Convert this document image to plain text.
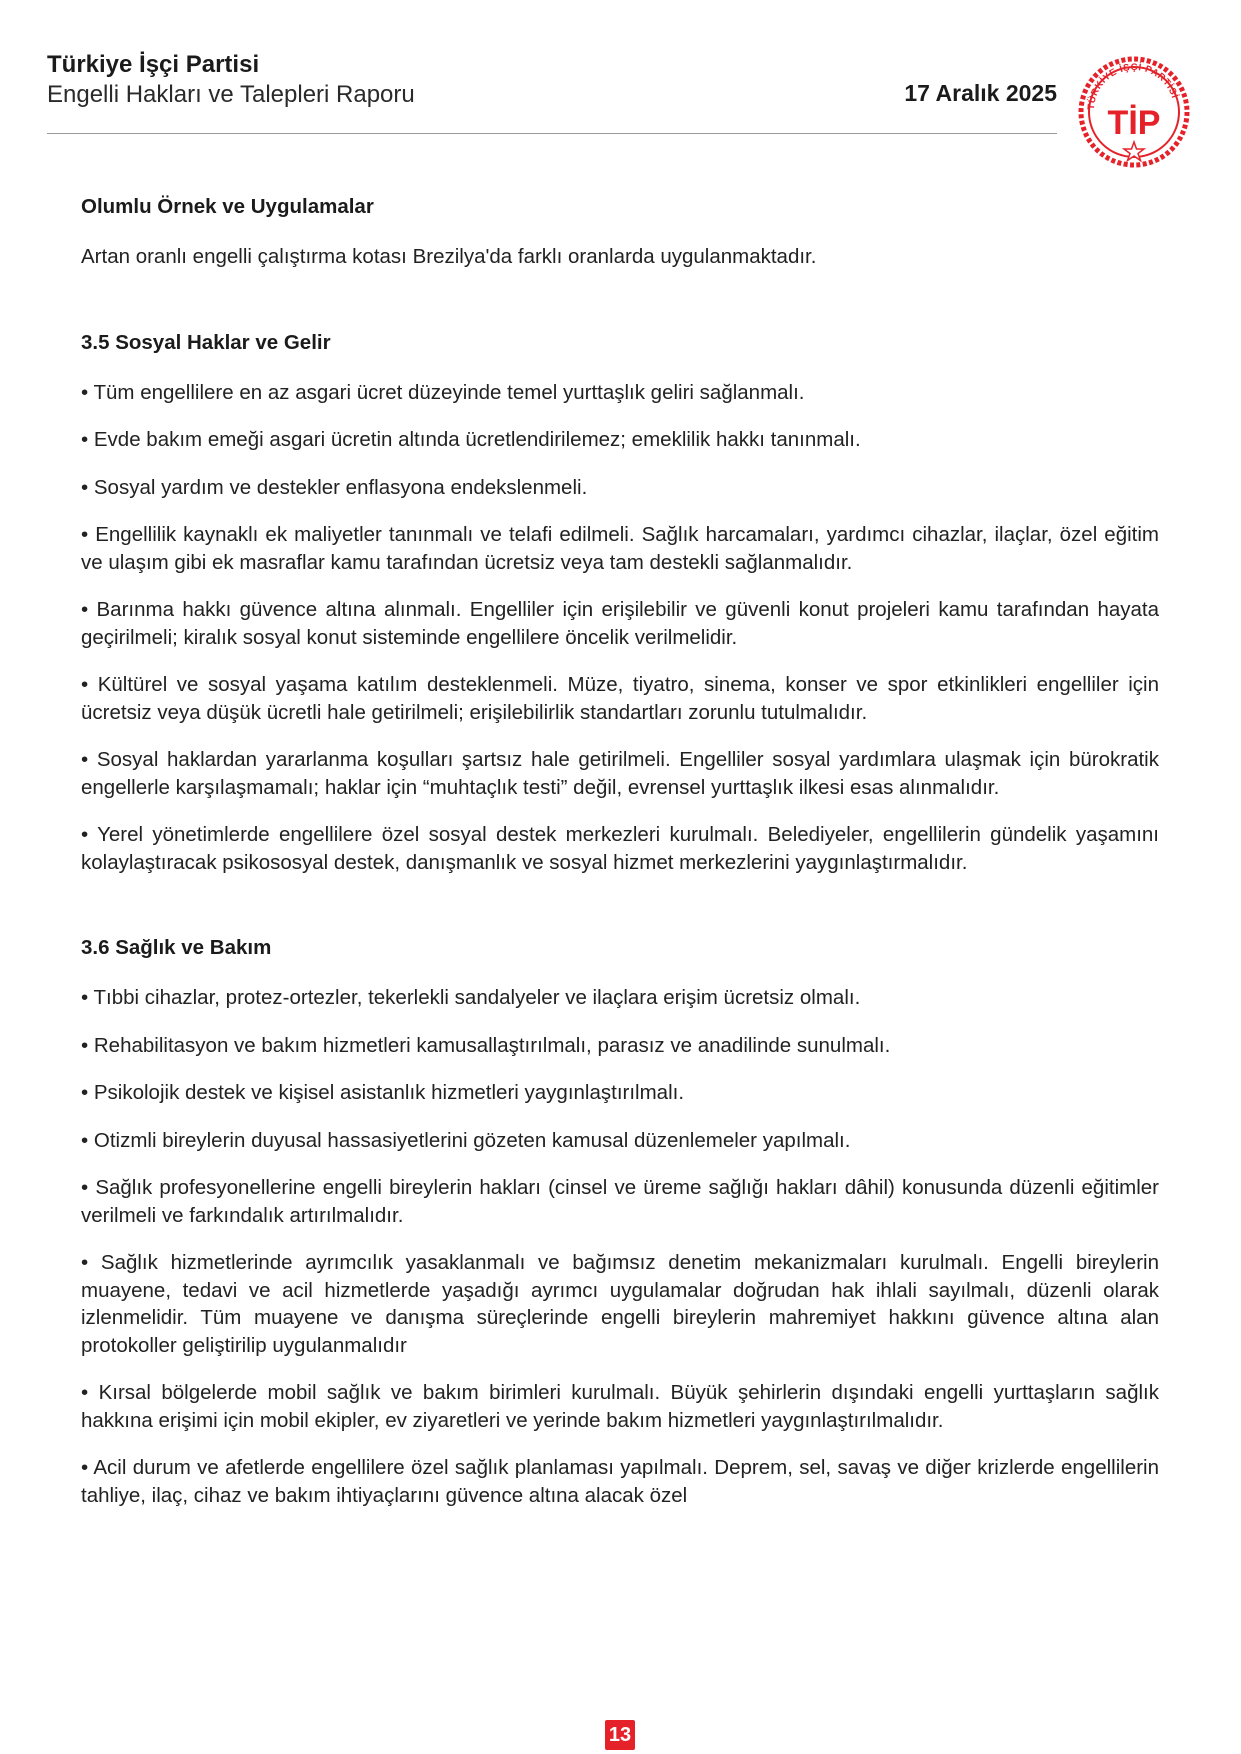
Türkiye İşçi Partisi
Engelli Hakları ve Talepleri Raporu	17 Aralık 2025
TÜRKİYE İŞÇİ PARTİSİ
TİP
Olumlu Örnek ve Uygulamalar
Artan oranlı engelli çalıştırma kotası Brezilya'da farklı oranlarda uygulanmaktadır.
3.5 Sosyal Haklar ve Gelir
• Tüm engellilere en az asgari ücret düzeyinde temel yurttaşlık geliri sağlanmalı.
• Evde bakım emeği asgari ücretin altında ücretlendirilemez; emeklilik hakkı tanınmalı.
• Sosyal yardım ve destekler enflasyona endekslenmeli.
• Engellilik kaynaklı ek maliyetler tanınmalı ve telafi edilmeli. Sağlık harcamaları, yardımcı cihazlar, ilaçlar, özel eğitim ve ulaşım gibi ek masraflar kamu tarafından ücretsiz veya tam destekli sağlanmalıdır.
• Barınma hakkı güvence altına alınmalı. Engelliler için erişilebilir ve güvenli konut projeleri kamu tarafından hayata geçirilmeli; kiralık sosyal konut sisteminde engellilere öncelik verilmelidir.
• Kültürel ve sosyal yaşama katılım desteklenmeli. Müze, tiyatro, sinema, konser ve spor etkinlikleri engelliler için ücretsiz veya düşük ücretli hale getirilmeli; erişilebilirlik standartları zorunlu tutulmalıdır.
• Sosyal haklardan yararlanma koşulları şartsız hale getirilmeli. Engelliler sosyal yardımlara ulaşmak için bürokratik engellerle karşılaşmamalı; haklar için “muhtaçlık testi” değil, evrensel yurttaşlık ilkesi esas alınmalıdır.
• Yerel yönetimlerde engellilere özel sosyal destek merkezleri kurulmalı. Belediyeler, engellilerin gündelik yaşamını kolaylaştıracak psikososyal destek, danışmanlık ve sosyal hizmet merkezlerini yaygınlaştırmalıdır.
3.6 Sağlık ve Bakım
• Tıbbi cihazlar, protez-ortezler, tekerlekli sandalyeler ve ilaçlara erişim ücretsiz olmalı.
• Rehabilitasyon ve bakım hizmetleri kamusallaştırılmalı, parasız ve anadilinde sunulmalı.
• Psikolojik destek ve kişisel asistanlık hizmetleri yaygınlaştırılmalı.
• Otizmli bireylerin duyusal hassasiyetlerini gözeten kamusal düzenlemeler yapılmalı.
• Sağlık profesyonellerine engelli bireylerin hakları (cinsel ve üreme sağlığı hakları dâhil) konusunda düzenli eğitimler verilmeli ve farkındalık artırılmalıdır.
• Sağlık hizmetlerinde ayrımcılık yasaklanmalı ve bağımsız denetim mekanizmaları kurulmalı. Engelli bireylerin muayene, tedavi ve acil hizmetlerde yaşadığı ayrımcı uygulamalar doğrudan hak ihlali sayılmalı, düzenli olarak izlenmelidir. Tüm muayene ve danışma süreçlerinde engelli bireylerin mahremiyet hakkını güvence altına alan protokoller geliştirilip uygulanmalıdır
• Kırsal bölgelerde mobil sağlık ve bakım birimleri kurulmalı. Büyük şehirlerin dışındaki engelli yurttaşların sağlık hakkına erişimi için mobil ekipler, ev ziyaretleri ve yerinde bakım hizmetleri yaygınlaştırılmalıdır.
• Acil durum ve afetlerde engellilere özel sağlık planlaması yapılmalı. Deprem, sel, savaş ve diğer krizlerde engellilerin tahliye, ilaç, cihaz ve bakım ihtiyaçlarını güvence altına alacak özel
13
